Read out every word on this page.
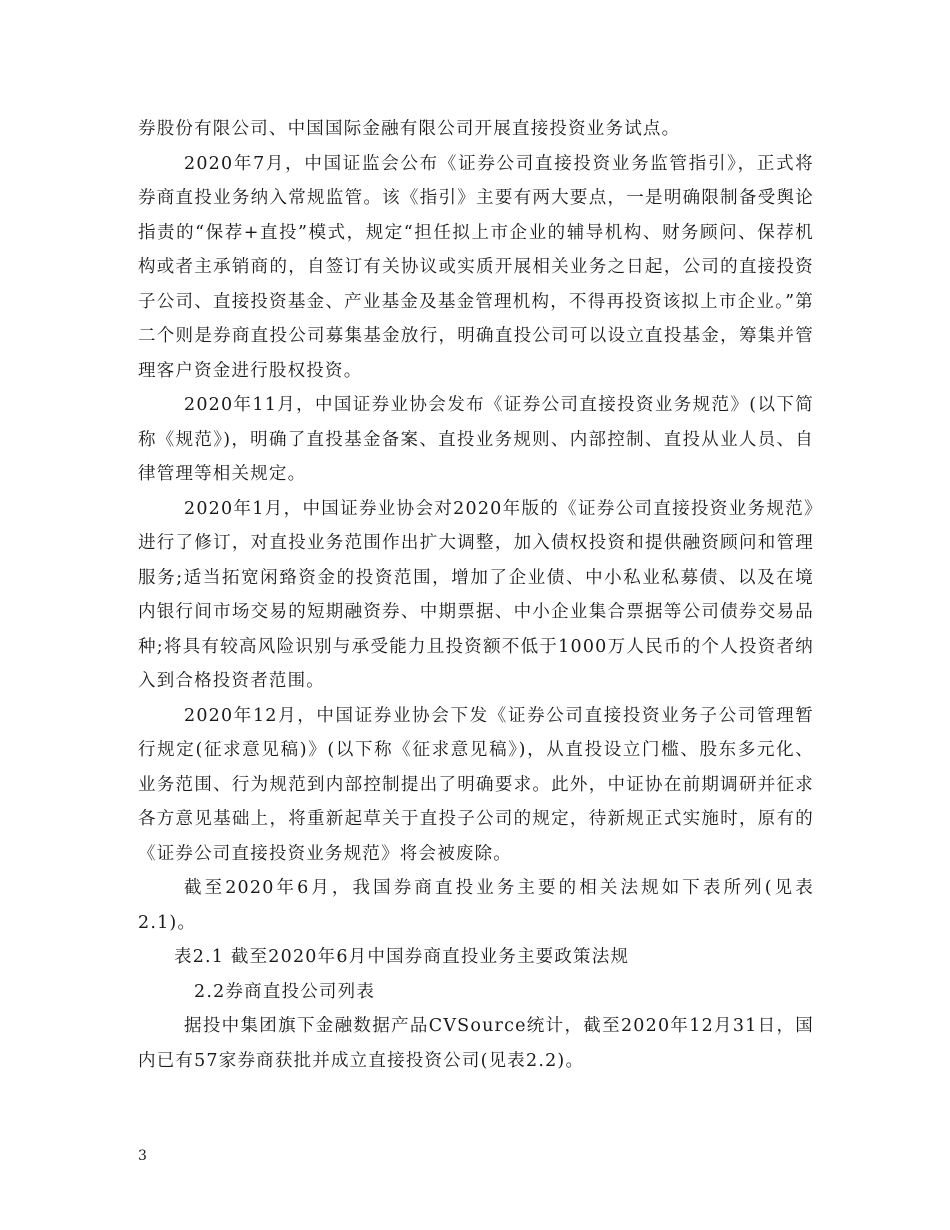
券股份有限公司、中国国际金融有限公司开展直接投资业务试点。

2020年7月，中国证监会公布《证券公司直接投资业务监管指引》，正式将券商直投业务纳入常规监管。该《指引》主要有两大要点，一是明确限制备受舆论指责的“保荐+直投”模式，规定“担任拟上市企业的辅导机构、财务顾问、保荐机构或者主承销商的，自签订有关协议或实质开展相关业务之日起，公司的直接投资子公司、直接投资基金、产业基金及基金管理机构，不得再投资该拟上市企业。”第二个则是券商直投公司募集基金放行，明确直投公司可以设立直投基金，筹集并管理客户资金进行股权投资。

2020年11月，中国证券业协会发布《证券公司直接投资业务规范》(以下简称《规范》)，明确了直投基金备案、直投业务规则、内部控制、直投从业人员、自律管理等相关规定。

2020年1月，中国证券业协会对2020年版的《证券公司直接投资业务规范》进行了修订，对直投业务范围作出扩大调整，加入债权投资和提供融资顾问和管理服务;适当拓宽闲臵资金的投资范围，增加了企业债、中小私业私募债、以及在境内银行间市场交易的短期融资券、中期票据、中小企业集合票据等公司债券交易品种;将具有较高风险识别与承受能力且投资额不低于1000万人民币的个人投资者纳入到合格投资者范围。

2020年12月，中国证券业协会下发《证券公司直接投资业务子公司管理暂行规定(征求意见稿)》(以下称《征求意见稿》)，从直投设立门槛、股东多元化、业务范围、行为规范到内部控制提出了明确要求。此外，中证协在前期调研并征求各方意见基础上，将重新起草关于直投子公司的规定，待新规正式实施时，原有的《证券公司直接投资业务规范》将会被废除。

截至2020年6月，我国券商直投业务主要的相关法规如下表所列(见表2.1)。

表2.1 截至2020年6月中国券商直投业务主要政策法规

2.2券商直投公司列表

据投中集团旗下金融数据产品CVSource统计，截至2020年12月31日，国内已有57家券商获批并成立直接投资公司(见表2.2)。

3
